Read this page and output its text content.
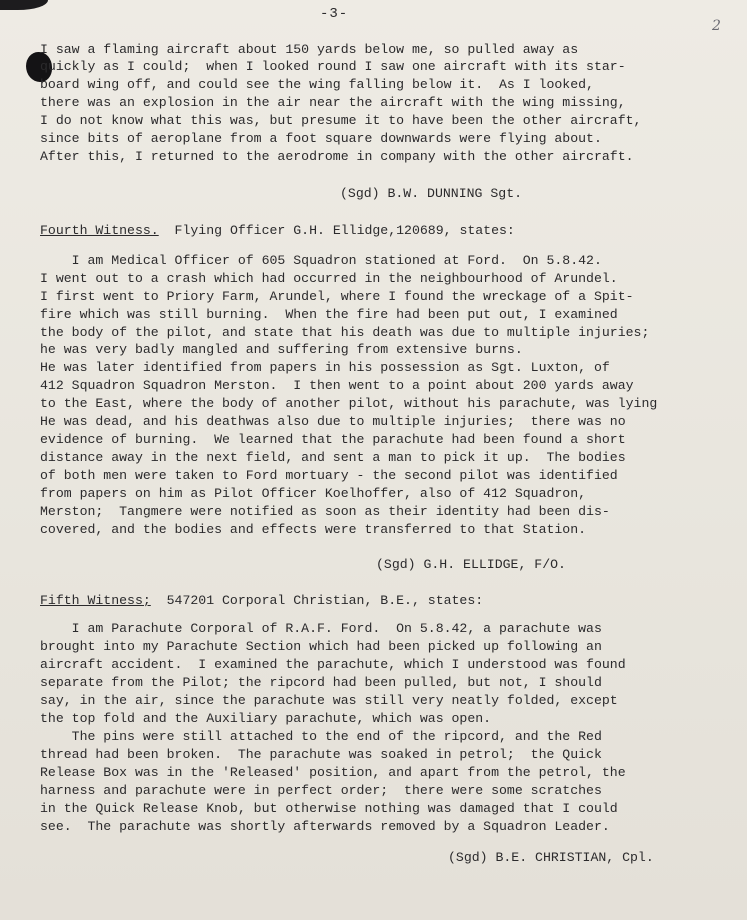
-3-
2
I saw a flaming aircraft about 150 yards below me, so pulled away as
quickly as I could;  when I looked round I saw one aircraft with its star-
board wing off, and could see the wing falling below it.  As I looked,
there was an explosion in the air near the aircraft with the wing missing,
I do not know what this was, but presume it to have been the other aircraft,
since bits of aeroplane from a foot square downwards were flying about.
After this, I returned to the aerodrome in company with the other aircraft.
(Sgd) B.W. DUNNING Sgt.
Fourth Witness. Flying Officer G.H. Ellidge,120689, states:
I am Medical Officer of 605 Squadron stationed at Ford.  On 5.8.42.
I went out to a crash which had occurred in the neighbourhood of Arundel.
I first went to Priory Farm, Arundel, where I found the wreckage of a Spit-
fire which was still burning.  When the fire had been put out, I examined
the body of the pilot, and state that his death was due to multiple injuries;
he was very badly mangled and suffering from extensive burns.
He was later identified from papers in his possession as Sgt. Luxton, of
412 Squadron Squadron Merston.  I then went to a point about 200 yards away
to the East, where the body of another pilot, without his parachute, was lying
He was dead, and his deathwas also due to multiple injuries;  there was no
evidence of burning.  We learned that the parachute had been found a short
distance away in the next field, and sent a man to pick it up.  The bodies
of both men were taken to Ford mortuary - the second pilot was identified
from papers on him as Pilot Officer Koelhoffer, also of 412 Squadron,
Merston;  Tangmere were notified as soon as their identity had been dis-
covered, and the bodies and effects were transferred to that Station.
(Sgd) G.H. ELLIDGE, F/O.
Fifth Witness; 547201 Corporal Christian, B.E., states:
I am Parachute Corporal of R.A.F. Ford.  On 5.8.42, a parachute was
brought into my Parachute Section which had been picked up following an
aircraft accident.  I examined the parachute, which I understood was found
separate from the Pilot; the ripcord had been pulled, but not, I should
say, in the air, since the parachute was still very neatly folded, except
the top fold and the Auxiliary parachute, which was open.
The pins were still attached to the end of the ripcord, and the Red
thread had been broken.  The parachute was soaked in petrol;  the Quick
Release Box was in the 'Released' position, and apart from the petrol, the
harness and parachute were in perfect order;  there were some scratches
in the Quick Release Knob, but otherwise nothing was damaged that I could
see.  The parachute was shortly afterwards removed by a Squadron Leader.
(Sgd) B.E. CHRISTIAN, Cpl.
